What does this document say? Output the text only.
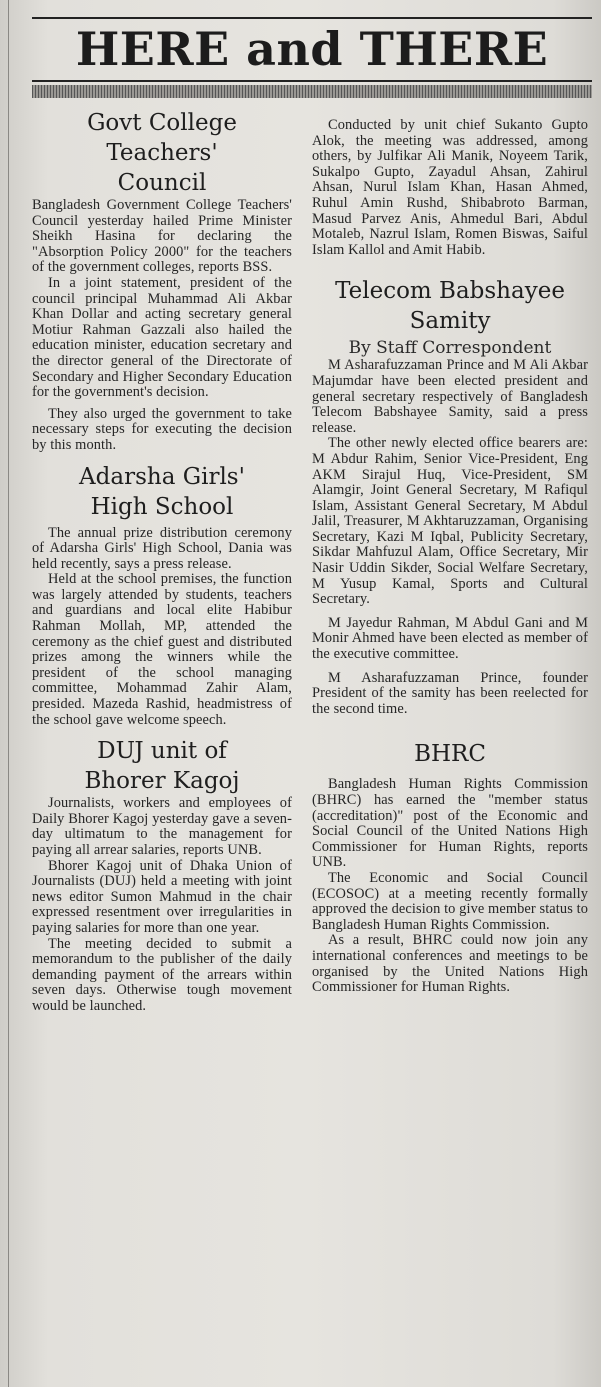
HERE and THERE
Govt College Teachers' Council

Bangladesh Government College Teachers' Council yesterday hailed Prime Minister Sheikh Hasina for declaring the "Absorption Policy 2000" for the teachers of the government colleges, reports BSS.

In a joint statement, president of the council principal Muhammad Ali Akbar Khan Dollar and acting secretary general Motiur Rahman Gazzali also hailed the education minister, education secretary and the director general of the Directorate of Secondary and Higher Secondary Education for the government's decision.

They also urged the government to take necessary steps for executing the decision by this month.

Adarsha Girls' High School

The annual prize distribution ceremony of Adarsha Girls' High School, Dania was held recently, says a press release.

Held at the school premises, the function was largely attended by students, teachers and guardians and local elite Habibur Rahman Mollah, MP, attended the ceremony as the chief guest and distributed prizes among the winners while the president of the school managing committee, Mohammad Zahir Alam, presided. Mazeda Rashid, headmistress of the school gave welcome speech.

DUJ unit of Bhorer Kagoj

Journalists, workers and employees of Daily Bhorer Kagoj yesterday gave a seven-day ultimatum to the management for paying all arrear salaries, reports UNB.

Bhorer Kagoj unit of Dhaka Union of Journalists (DUJ) held a meeting with joint news editor Sumon Mahmud in the chair expressed resentment over irregularities in paying salaries for more than one year.

The meeting decided to submit a memorandum to the publisher of the daily demanding payment of the arrears within seven days. Otherwise tough movement would be launched.

Conducted by unit chief Sukanto Gupto Alok, the meeting was addressed, among others, by Julfikar Ali Manik, Noyeem Tarik, Sukalpo Gupto, Zayadul Ahsan, Zahirul Ahsan, Nurul Islam Khan, Hasan Ahmed, Ruhul Amin Rushd, Shibabroto Barman, Masud Parvez Anis, Ahmedul Bari, Abdul Motaleb, Nazrul Islam, Romen Biswas, Saiful Islam Kallol and Amit Habib.

Telecom Babshayee Samity
By Staff Correspondent

M Asharafuzzaman Prince and M Ali Akbar Majumdar have been elected president and general secretary respectively of Bangladesh Telecom Babshayee Samity, said a press release.

The other newly elected office bearers are: M Abdur Rahim, Senior Vice-President, Eng AKM Sirajul Huq, Vice-President, SM Alamgir, Joint General Secretary, M Rafiqul Islam, Assistant General Secretary, M Abdul Jalil, Treasurer, M Akhtaruzzaman, Organising Secretary, Kazi M Iqbal, Publicity Secretary, Sikdar Mahfuzul Alam, Office Secretary, Mir Nasir Uddin Sikder, Social Welfare Secretary, M Yusup Kamal, Sports and Cultural Secretary.

M Jayedur Rahman, M Abdul Gani and M Monir Ahmed have been elected as member of the executive committee.

M Asharafuzzaman Prince, founder President of the samity has been reelected for the second time.

BHRC

Bangladesh Human Rights Commission (BHRC) has earned the "member status (accreditation)" post of the Economic and Social Council of the United Nations High Commissioner for Human Rights, reports UNB.

The Economic and Social Council (ECOSOC) at a meeting recently formally approved the decision to give member status to Bangladesh Human Rights Commission.

As a result, BHRC could now join any international conferences and meetings to be organised by the United Nations High Commissioner for Human Rights.
